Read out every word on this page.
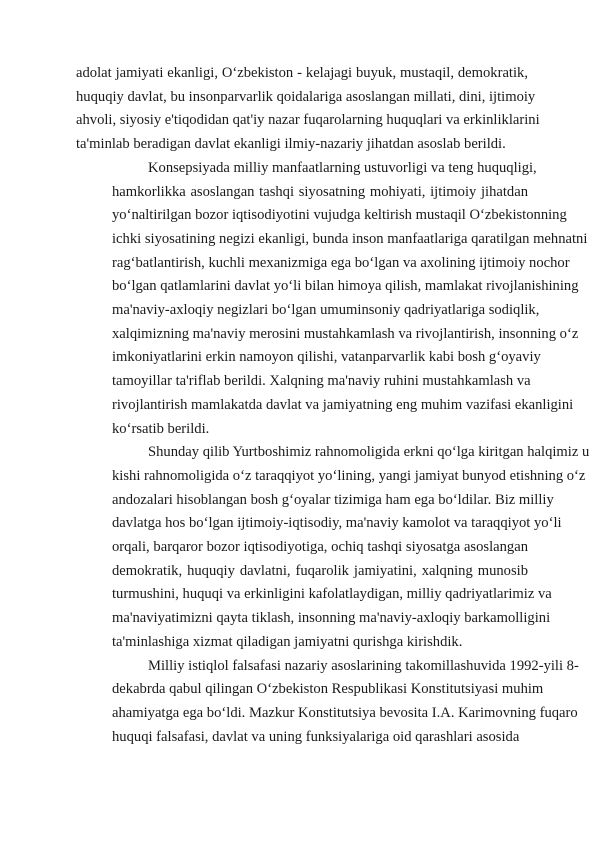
adolat jamiyati ekanligi, O‘zbekiston - kelajagi buyuk, mustaqil, demokratik,
huquqiy davlat, bu insonparvarlik qoidalariga asoslangan millati, dini, ijtimoiy
ahvoli, siyosiy e'tiqodidan qat'iy nazar fuqarolarning huquqlari va erkinliklarini
ta'minlab beradigan davlat ekanligi ilmiy-nazariy jihatdan asoslab berildi.
Konsepsiyada milliy manfaatlarning ustuvorligi va teng huquqligi,
hamkorlikka asoslangan tashqi siyosatning mohiyati, ijtimoiy jihatdan
yo‘naltirilgan bozor iqtisodiyotini vujudga keltirish mustaqil O‘zbekistonning
ichki siyosatining negizi ekanligi, bunda inson manfaatlariga qaratilgan mehnatni
rag‘batlantirish, kuchli mexanizmiga ega bo‘lgan va axolining ijtimoiy nochor
bo‘lgan qatlamlarini davlat yo‘li bilan himoya qilish, mamlakat rivojlanishining
ma'naviy-axloqiy negizlari bo‘lgan umuminsoniy qadriyatlariga sodiqlik,
xalqimizning ma'naviy merosini mustahkamlash va rivojlantirish, insonning o‘z
imkoniyatlarini erkin namoyon qilishi, vatanparvarlik kabi bosh g‘oyaviy
tamoyillar ta'riflab berildi. Xalqning ma'naviy ruhini mustahkamlash va
rivojlantirish mamlakatda davlat va jamiyatning eng muhim vazifasi ekanligini
ko‘rsatib berildi.
Shunday qilib Yurtboshimiz rahnomoligida erkni qo‘lga kiritgan halqimiz u
kishi rahnomoligida o‘z taraqqiyot yo‘lining, yangi jamiyat bunyod etishning o‘z
andozalari hisoblangan bosh g‘oyalar tizimiga ham ega bo‘ldilar. Biz milliy
davlatga hos bo‘lgan ijtimoiy-iqtisodiy, ma'naviy kamolot va taraqqiyot yo‘li
orqali, barqaror bozor iqtisodiyotiga, ochiq tashqi siyosatga asoslangan
demokratik, huquqiy davlatni, fuqarolik jamiyatini, xalqning munosib
turmushini, huquqi va erkinligini kafolatlaydigan, milliy qadriyatlarimiz va
ma'naviyatimizni qayta tiklash, insonning ma'naviy-axloqiy barkamolligini
ta'minlashiga xizmat qiladigan jamiyatni qurishga kirishdik.
Milliy istiqlol falsafasi nazariy asoslarining takomillashuvida 1992-yili 8-
dekabrda qabul qilingan O‘zbekiston Respublikasi Konstitutsiyasi muhim
ahamiyatga ega bo‘ldi. Mazkur Konstitutsiya bevosita I.A. Karimovning fuqaro
huquqi falsafasi, davlat va uning funksiyalariga oid qarashlari asosida
